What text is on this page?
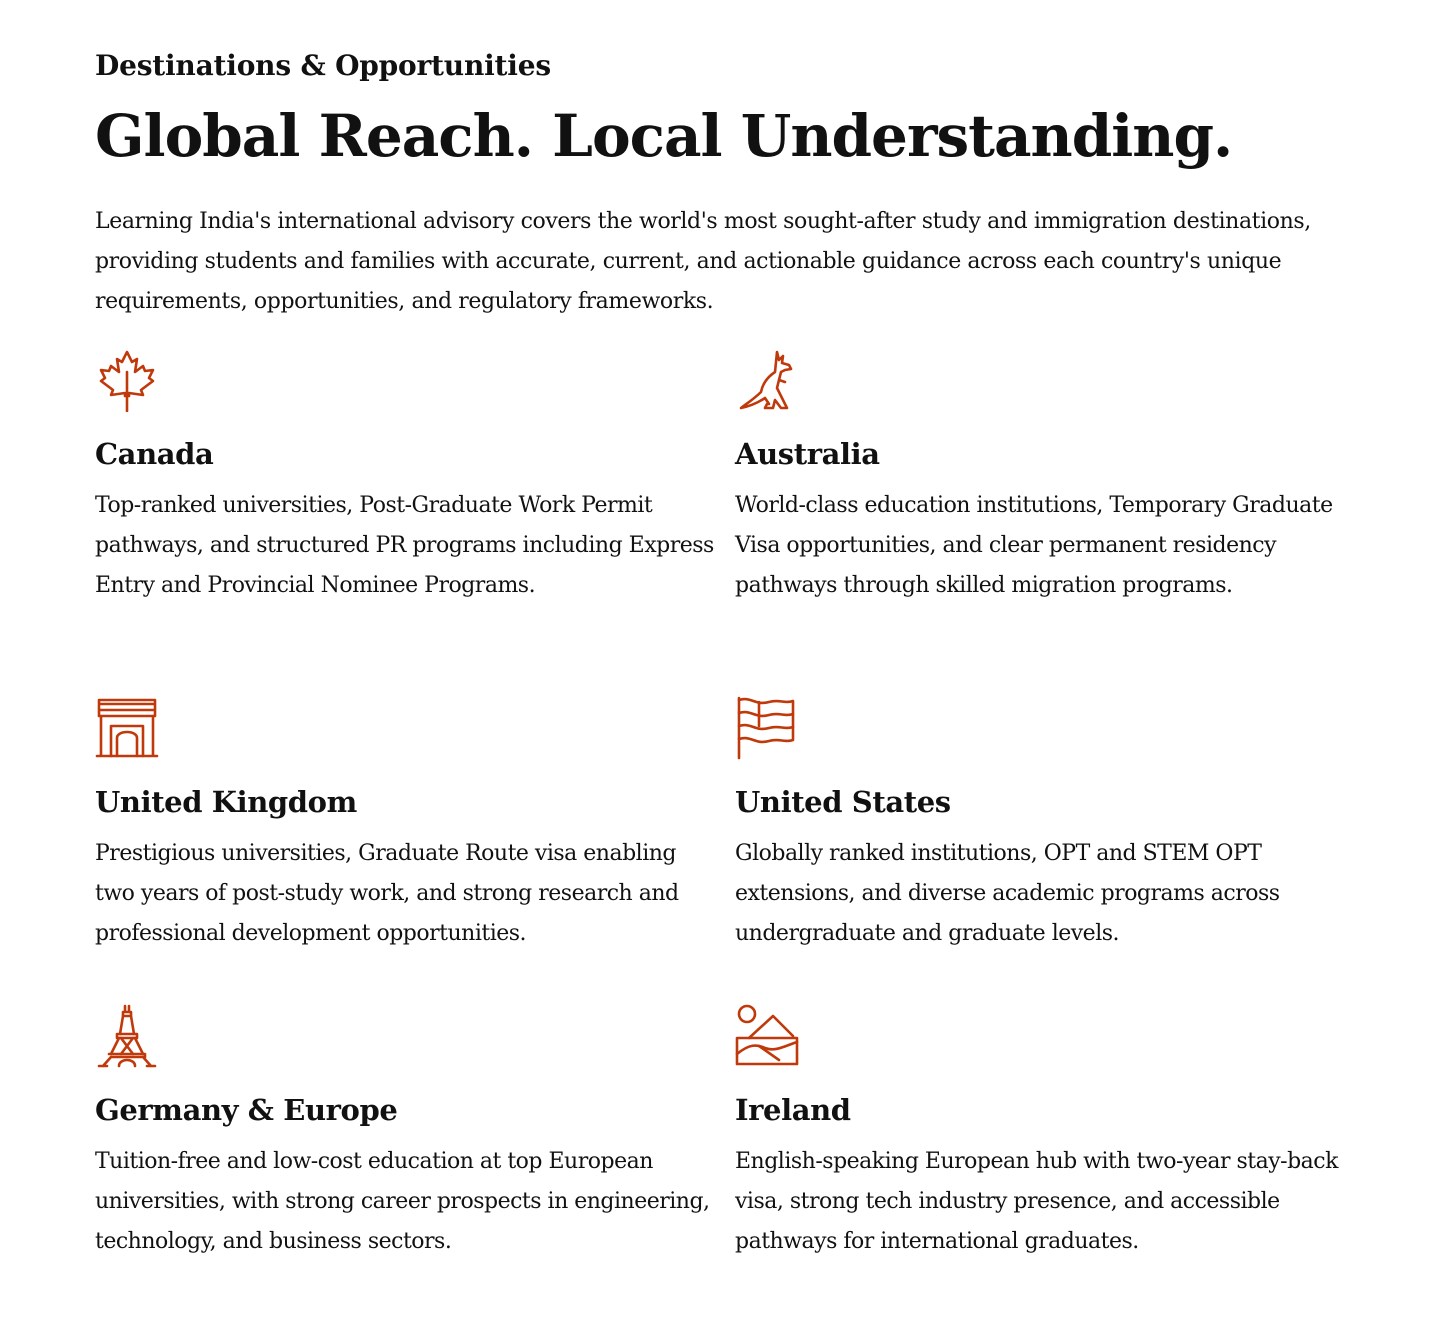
Destinations & Opportunities
Global Reach. Local Understanding.

Learning India's international advisory covers the world's most sought-after study and immigration destinations, providing students and families with accurate, current, and actionable guidance across each country's unique requirements, opportunities, and regulatory frameworks.

Canada

Top-ranked universities, Post-Graduate Work Permit pathways, and structured PR programs including Express Entry and Provincial Nominee Programs.

Australia

World-class education institutions, Temporary Graduate Visa opportunities, and clear permanent residency pathways through skilled migration programs.

United Kingdom

Prestigious universities, Graduate Route visa enabling two years of post-study work, and strong research and professional development opportunities.

United States

Globally ranked institutions, OPT and STEM OPT extensions, and diverse academic programs across undergraduate and graduate levels.

Germany & Europe

Tuition-free and low-cost education at top European universities, with strong career prospects in engineering, technology, and business sectors.

Ireland

English-speaking European hub with two-year stay-back visa, strong tech industry presence, and accessible pathways for international graduates.
